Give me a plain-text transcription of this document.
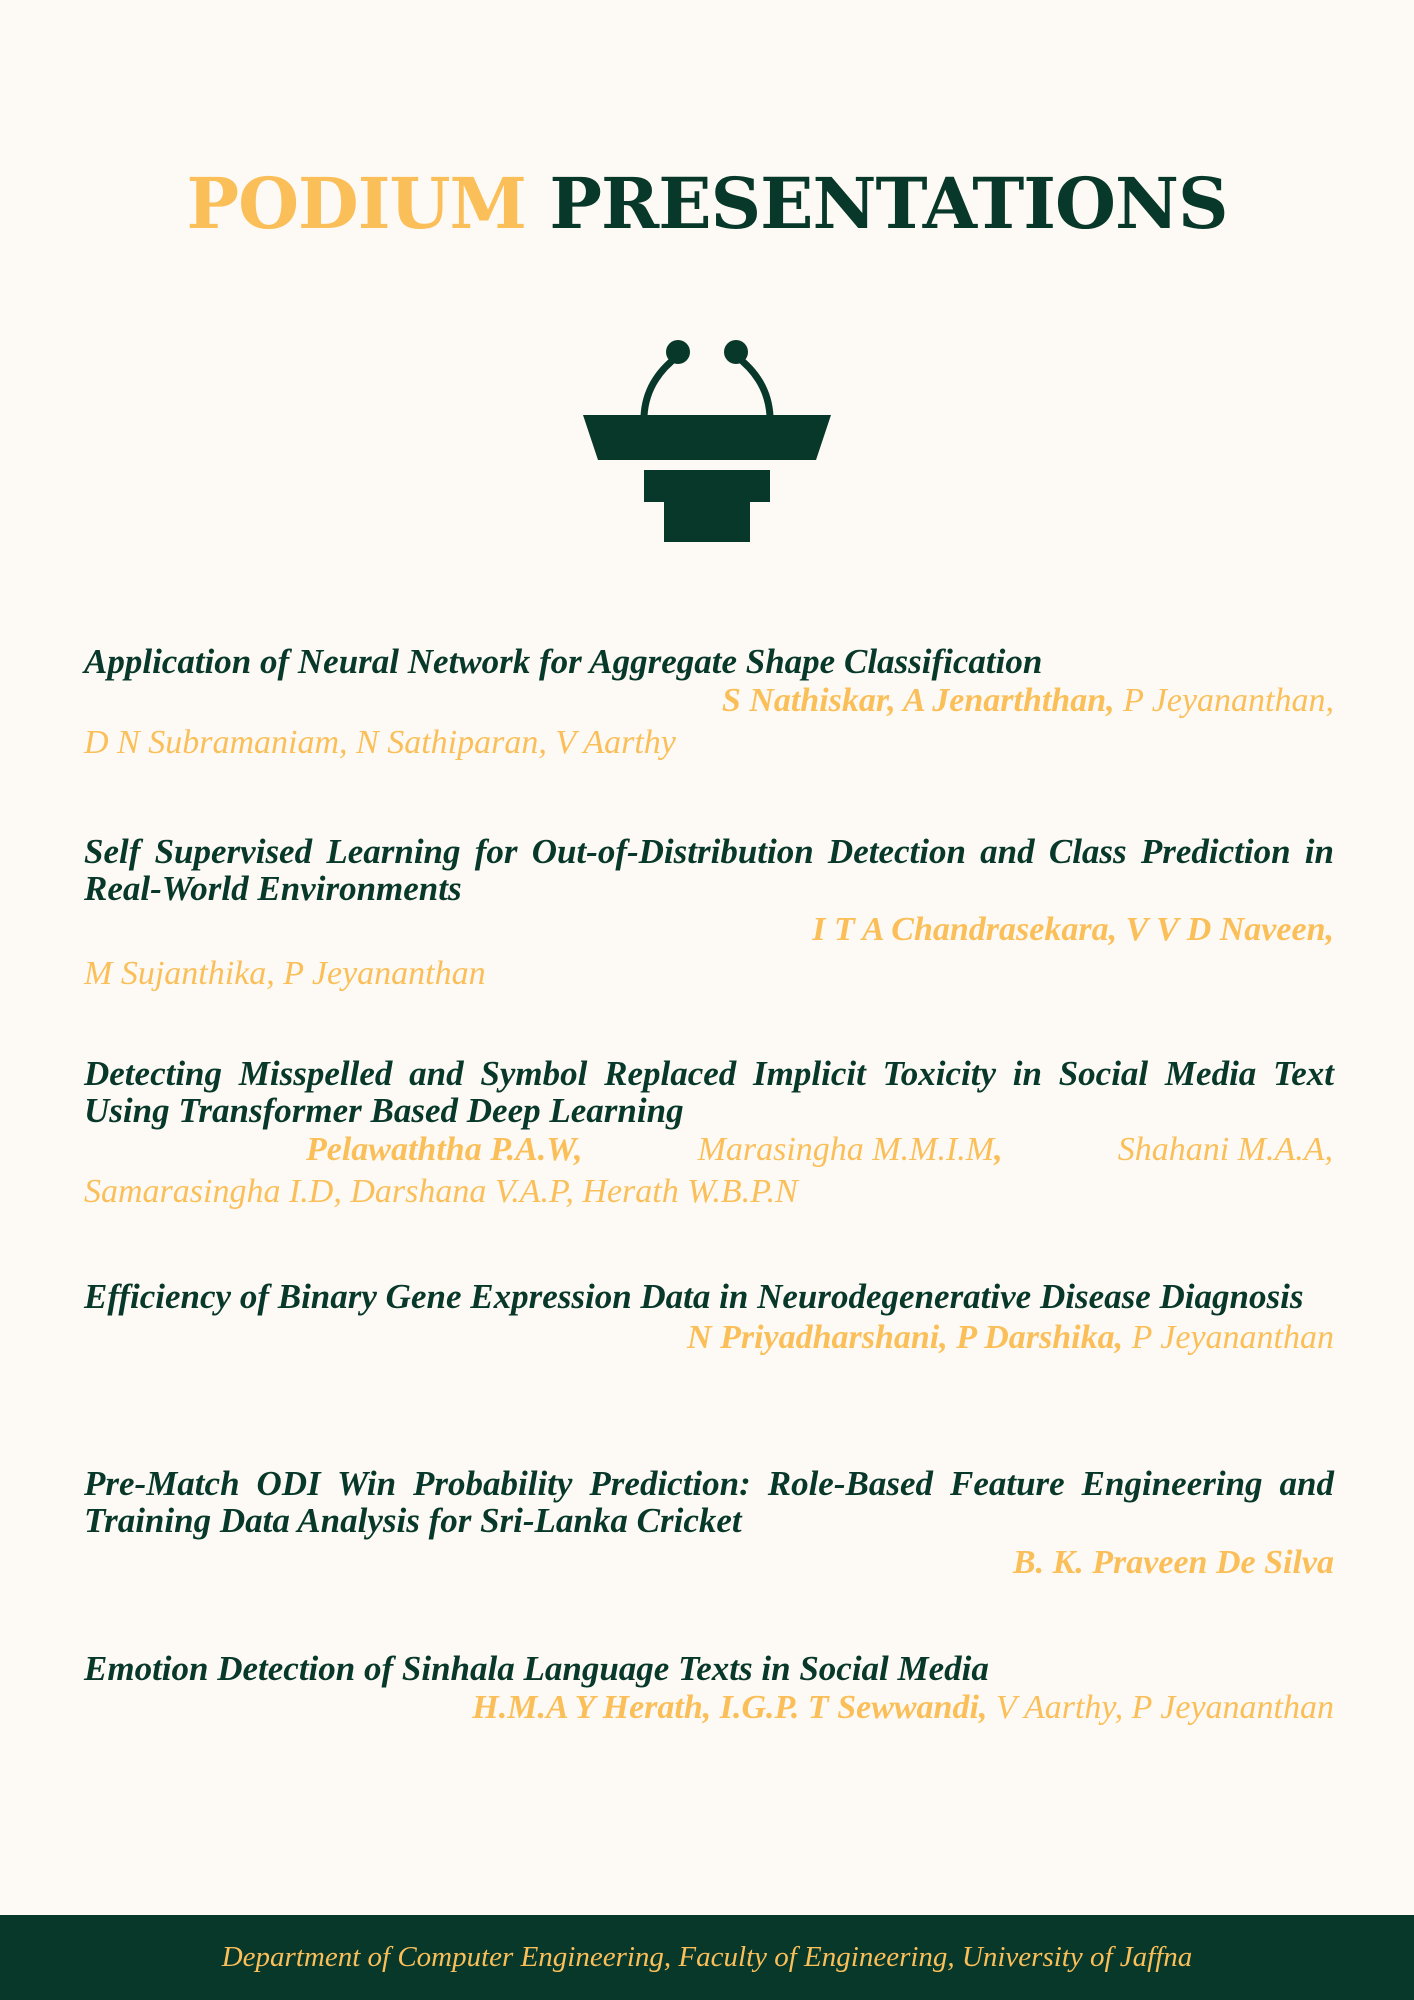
PODIUM PRESENTATIONS

Application of Neural Network for Aggregate Shape Classification

S Nathiskar, A Jenarththan, P Jeyananthan,

D N Subramaniam, N Sathiparan, V Aarthy

Self Supervised Learning for Out-of-Distribution Detection and Class Prediction in Real-World Environments

I T A Chandrasekara, V V D Naveen,

M Sujanthika, P Jeyananthan

Detecting Misspelled and Symbol Replaced Implicit Toxicity in Social Media Text Using Transformer Based Deep Learning

Pelawaththa P.A.W,	Marasingha M.M.I.M,	Shahani M.A.A,

Samarasingha I.D, Darshana V.A.P, Herath W.B.P.N

Efficiency of Binary Gene Expression Data in Neurodegenerative Disease Diagnosis

N Priyadharshani, P Darshika, P Jeyananthan

Pre-Match ODI Win Probability Prediction: Role-Based Feature Engineering and Training Data Analysis for Sri-Lanka Cricket

B. K. Praveen De Silva

Emotion Detection of Sinhala Language Texts in Social Media

H.M.A Y Herath, I.G.P. T Sewwandi, V Aarthy, P Jeyananthan

Department of Computer Engineering, Faculty of Engineering, University of Jaffna
